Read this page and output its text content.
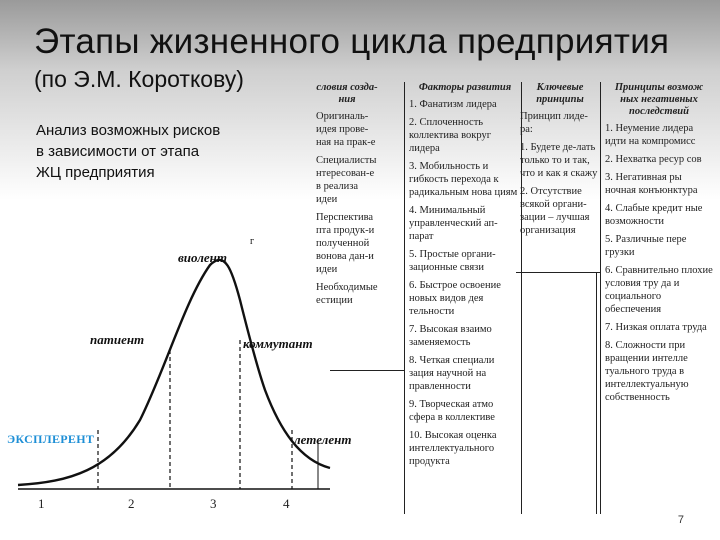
Этапы жизненного цикла предприятия

(по Э.М. Короткову)

Анализ возможных рисков
в зависимости от этапа
ЖЦ предприятия
виолент
г
патиент	коммутант
ЭКСПЛЕРЕНТ	летелент
1	2	3	4
словия созда-ния
Оригиналь-идея прове-ная на прак-е
Специалисты нтересован-е в реализа идеи
Перспектива пта продук-и полученной вонова дан-и идеи
Необходимые естиции
Факторы развития
1. Фанатизм лидера
2. Сплоченность коллектива вокруг лидера
3. Мобильность и гибкость перехода к радикальным нова циям
4. Минимальный управленческий ап-парат
5. Простые органи-зационные связи
6. Быстрое освоение новых видов дея тельности
7. Высокая взаимо заменяемость
8. Четкая специали зация научной на правленности
9. Творческая атмо сфера в коллективе
10. Высокая оценка интеллектуального продукта
Ключевые принципы
Принцип лиде-ра:
1. Будете де-лать только то и так, что и как я скажу
2. Отсутствие всякой органи-зации – лучшая организация
Принципы возмож ных негативных последствий
1. Неумение лидера идти на компромисс
2. Нехватка ресур сов
3. Негативная ры ночная конъюнктура
4. Слабые кредит ные возможности
5. Различные пере грузки
6. Сравнительно плохие условия тру да и социального обеспечения
7. Низкая оплата труда
8. Сложности при вращении интелле туального труда в интеллектуальную собственность
7
